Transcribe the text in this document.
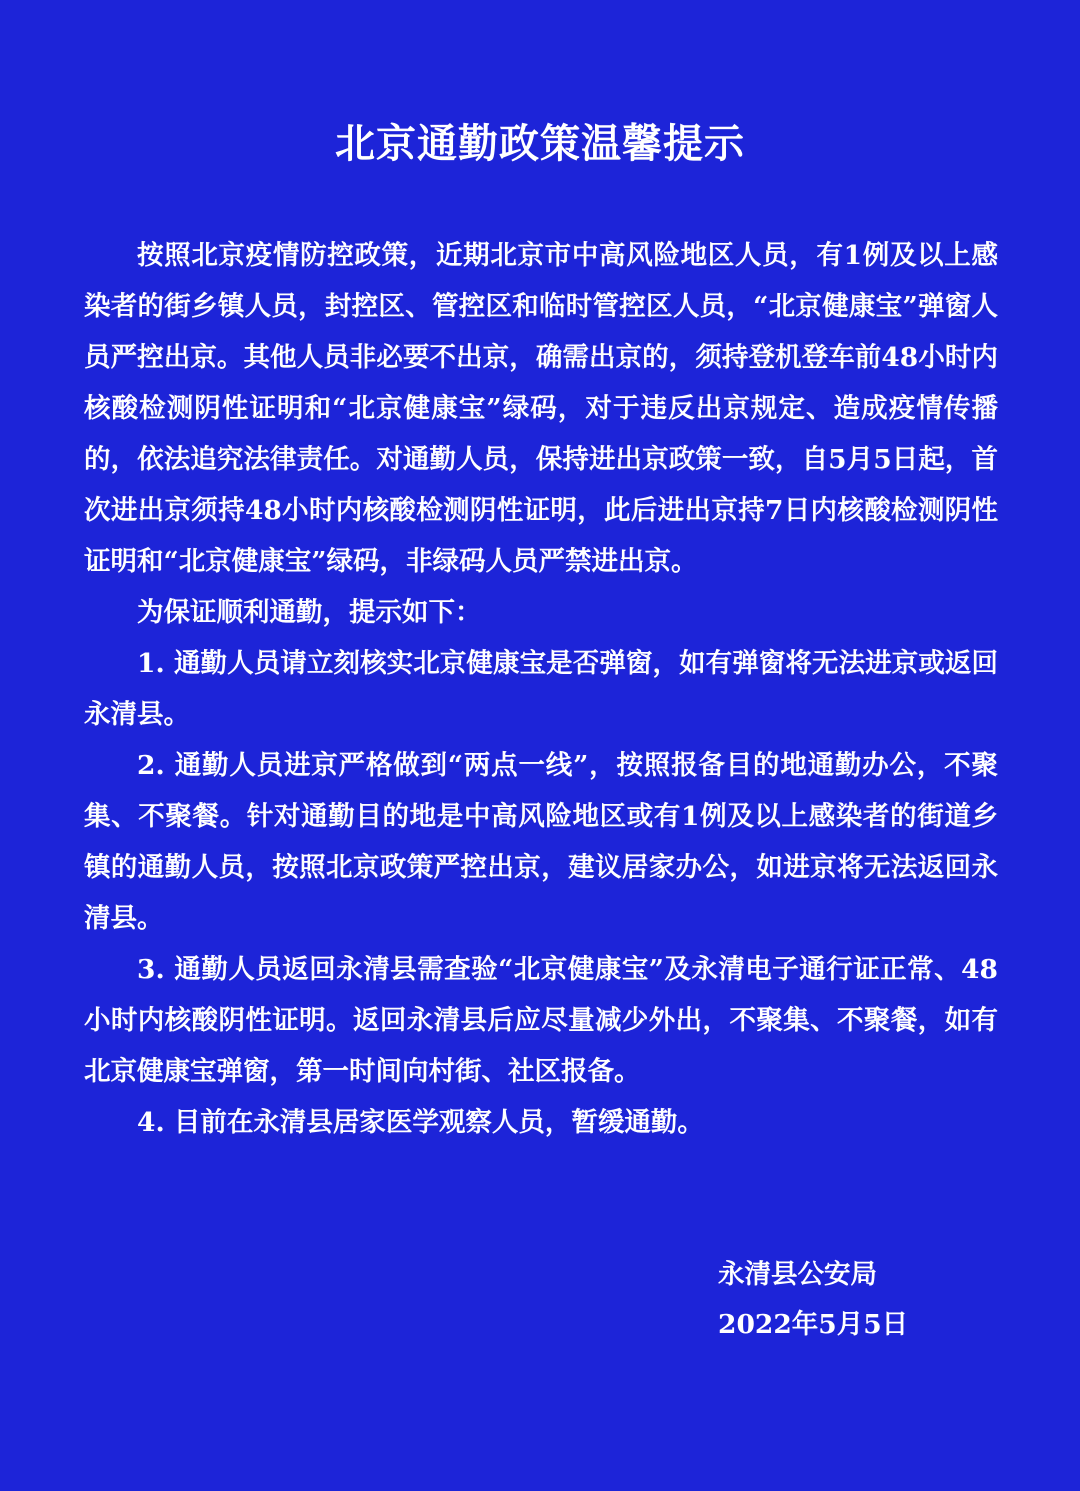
北京通勤政策温馨提示

按照北京疫情防控政策，近期北京市中高风险地区人员，有1例及以上感染者的街乡镇人员，封控区、管控区和临时管控区人员，“北京健康宝”弹窗人员严控出京。其他人员非必要不出京，确需出京的，须持登机登车前48小时内核酸检测阴性证明和“北京健康宝”绿码，对于违反出京规定、造成疫情传播的，依法追究法律责任。对通勤人员，保持进出京政策一致，自5月5日起，首次进出京须持48小时内核酸检测阴性证明，此后进出京持7日内核酸检测阴性证明和“北京健康宝”绿码，非绿码人员严禁进出京。

为保证顺利通勤，提示如下：

1. 通勤人员请立刻核实北京健康宝是否弹窗，如有弹窗将无法进京或返回永清县。

2. 通勤人员进京严格做到“两点一线”，按照报备目的地通勤办公，不聚集、不聚餐。针对通勤目的地是中高风险地区或有1例及以上感染者的街道乡镇的通勤人员，按照北京政策严控出京，建议居家办公，如进京将无法返回永清县。

3. 通勤人员返回永清县需查验“北京健康宝”及永清电子通行证正常、48小时内核酸阴性证明。返回永清县后应尽量减少外出，不聚集、不聚餐，如有北京健康宝弹窗，第一时间向村街、社区报备。

4. 目前在永清县居家医学观察人员，暂缓通勤。

永清县公安局
2022年5月5日
